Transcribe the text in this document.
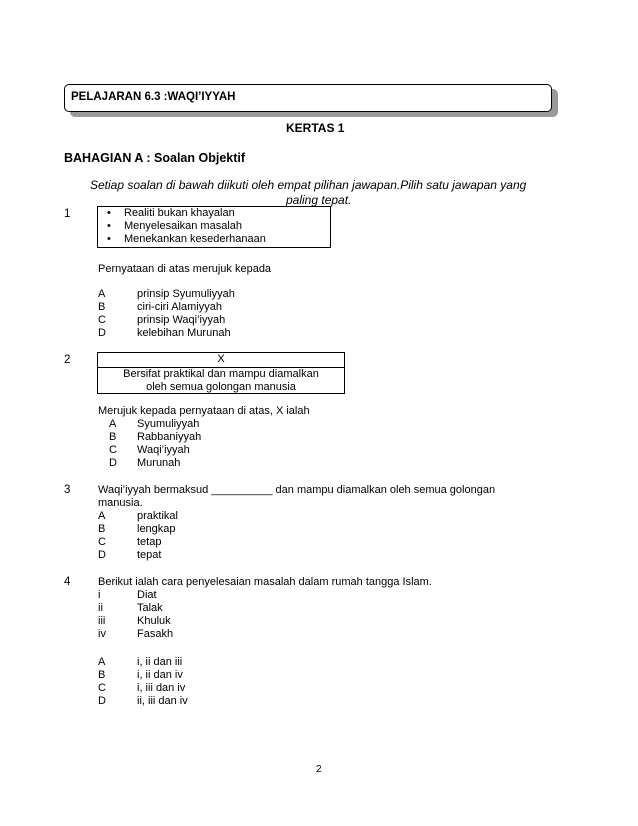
PELAJARAN 6.3 :WAQI’IYYAH
KERTAS 1
BAHAGIAN A : Soalan Objektif
Setiap soalan di bawah diikuti oleh empat pilihan jawapan.Pilih satu jawapan yang
paling tepat.
1	• Realiti bukan khayalan
• Menyelesaikan masalah
• Menekankan kesederhanaan
Pernyataan di atas merujuk kepada
A	prinsip Syumuliyyah
B	ciri-ciri Alamiyyah
C	prinsip Waqi’iyyah
D	kelebihan Murunah
2	X
Bersifat praktikal dan mampu diamalkan
oleh semua golongan manusia
Merujuk kepada pernyataan di atas, X ialah
A Syumuliyyah
B Rabbaniyyah
C Waqi’iyyah
D Murunah
3	Waqi’iyyah bermaksud __________ dan mampu diamalkan oleh semua golongan
manusia.
A	praktikal
B	lengkap
C	tetap
D	tepat
4	Berikut ialah cara penyelesaian masalah dalam rumah tangga Islam.
i	Diat
ii	Talak
iii	Khuluk
iv	Fasakh
A	i, ii dan iii
B	i, ii dan iv
C	i, iii dan iv
D	ii, iii dan iv
2
